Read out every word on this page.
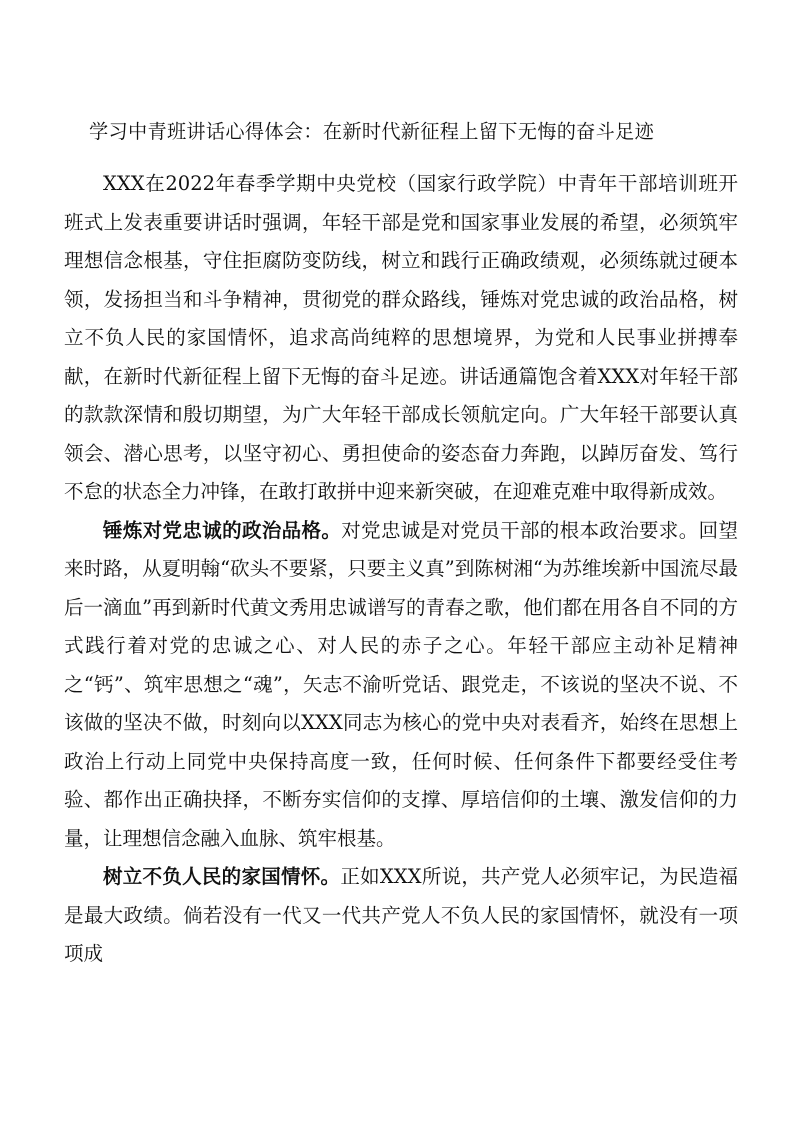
学习中青班讲话心得体会：在新时代新征程上留下无悔的奋斗足迹

XXX在2022年春季学期中央党校（国家行政学院）中青年干部培训班开班式上发表重要讲话时强调，年轻干部是党和国家事业发展的希望，必须筑牢理想信念根基，守住拒腐防变防线，树立和践行正确政绩观，必须练就过硬本领，发扬担当和斗争精神，贯彻党的群众路线，锤炼对党忠诚的政治品格，树立不负人民的家国情怀，追求高尚纯粹的思想境界，为党和人民事业拼搏奉献，在新时代新征程上留下无悔的奋斗足迹。讲话通篇饱含着XXX对年轻干部的款款深情和殷切期望，为广大年轻干部成长领航定向。广大年轻干部要认真领会、潜心思考，以坚守初心、勇担使命的姿态奋力奔跑，以踔厉奋发、笃行不怠的状态全力冲锋，在敢打敢拼中迎来新突破，在迎难克难中取得新成效。

锤炼对党忠诚的政治品格。对党忠诚是对党员干部的根本政治要求。回望来时路，从夏明翰“砍头不要紧，只要主义真”到陈树湘“为苏维埃新中国流尽最后一滴血”再到新时代黄文秀用忠诚谱写的青春之歌，他们都在用各自不同的方式践行着对党的忠诚之心、对人民的赤子之心。年轻干部应主动补足精神之“钙”、筑牢思想之“魂”，矢志不渝听党话、跟党走，不该说的坚决不说、不该做的坚决不做，时刻向以XXX同志为核心的党中央对表看齐，始终在思想上政治上行动上同党中央保持高度一致，任何时候、任何条件下都要经受住考验、都作出正确抉择，不断夯实信仰的支撑、厚培信仰的土壤、激发信仰的力量，让理想信念融入血脉、筑牢根基。

树立不负人民的家国情怀。正如XXX所说，共产党人必须牢记，为民造福是最大政绩。倘若没有一代又一代共产党人不负人民的家国情怀，就没有一项项成
